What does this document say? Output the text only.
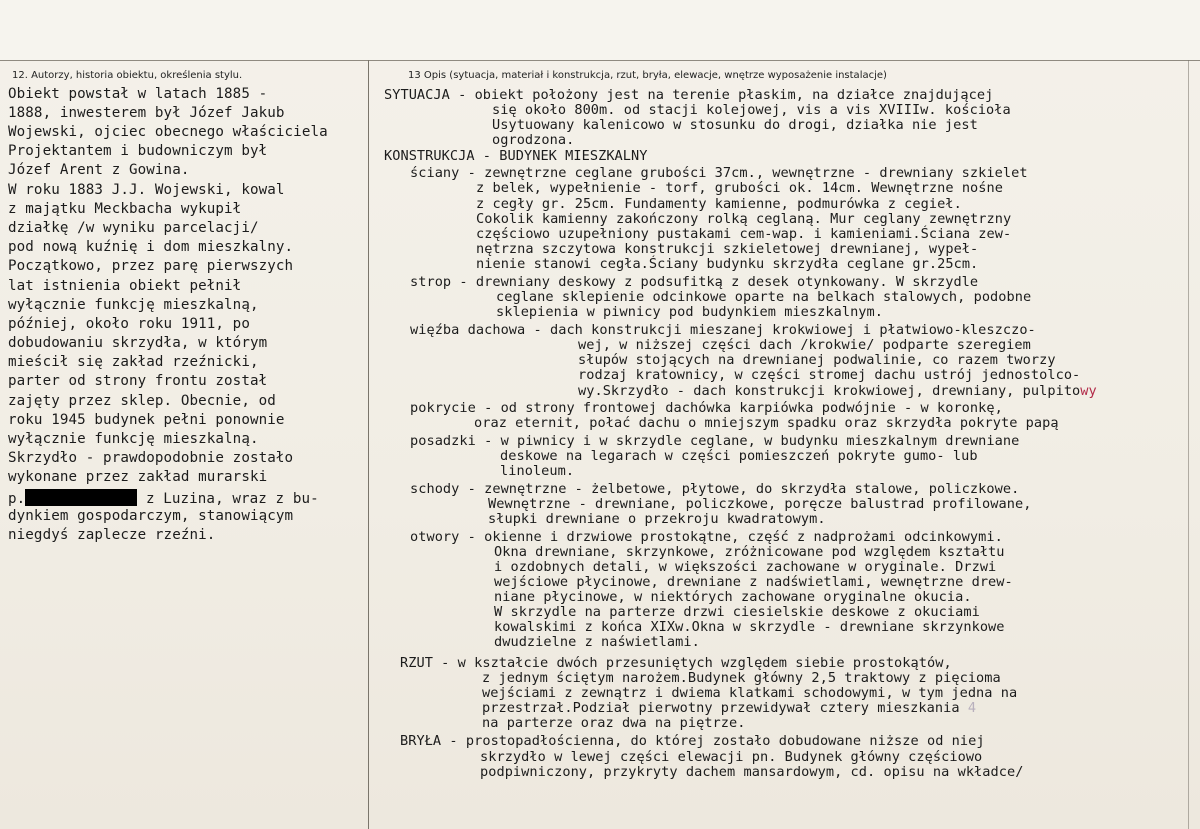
12. Autorzy, historia obiektu, określenia stylu.	13 Opis (sytuacja, materiał i konstrukcja, rzut, bryła, elewacje, wnętrze wyposażenie instalacje)
Obiekt powstał w latach 1885 -
1888, inwesterem był Józef Jakub
Wojewski, ojciec obecnego właściciela
Projektantem i budowniczym był
Józef Arent z Gowina.
W roku 1883 J.J. Wojewski, kowal
z majątku Meckbacha wykupił
działkę /w wyniku parcelacji/
pod nową kuźnię i dom mieszkalny.
Początkowo, przez parę pierwszych
lat istnienia obiekt pełnił
wyłącznie funkcję mieszkalną,
później, około roku 1911, po
dobudowaniu skrzydła, w którym
mieścił się zakład rzeźnicki,
parter od strony frontu został
zajęty przez sklep. Obecnie, od
roku 1945 budynek pełni ponownie
wyłącznie funkcję mieszkalną.
Skrzydło - prawdopodobnie zostało
wykonane przez zakład murarski
p.	z Luzina, wraz z bu-
dynkiem gospodarczym, stanowiącym
niegdyś zaplecze rzeźni.
SYTUACJA - obiekt położony jest na terenie płaskim, na działce znajdującej
się około 800m. od stacji kolejowej, vis a vis XVIIIw. kościoła
Usytuowany kalenicowo w stosunku do drogi, działka nie jest
ogrodzona.
KONSTRUKCJA - BUDYNEK MIESZKALNY
ściany - zewnętrzne ceglane grubości 37cm., wewnętrzne - drewniany szkielet
z belek, wypełnienie - torf, grubości ok. 14cm. Wewnętrzne nośne
z cegły gr. 25cm. Fundamenty kamienne, podmurówka z cegieł.
Cokolik kamienny zakończony rolką ceglaną. Mur ceglany zewnętrzny
częściowo uzupełniony pustakami cem-wap. i kamieniami.Ściana zew-
nętrzna szczytowa konstrukcji szkieletowej drewnianej, wypeł-
nienie stanowi cegła.Ściany budynku skrzydła ceglane gr.25cm.
strop - drewniany deskowy z podsufitką z desek otynkowany. W skrzydle
ceglane sklepienie odcinkowe oparte na belkach stalowych, podobne
sklepienia w piwnicy pod budynkiem mieszkalnym.
więźba dachowa - dach konstrukcji mieszanej krokwiowej i płatwiowo-kleszczo-
wej, w niższej części dach /krokwie/ podparte szeregiem
słupów stojących na drewnianej podwalinie, co razem tworzy
rodzaj kratownicy, w części stromej dachu ustrój jednostolco-
wy.Skrzydło - dach konstrukcji krokwiowej, drewniany, pulpitowy
pokrycie - od strony frontowej dachówka karpiówka podwójnie - w koronkę,
oraz eternit, połać dachu o mniejszym spadku oraz skrzydła pokryte papą
posadzki - w piwnicy i w skrzydle ceglane, w budynku mieszkalnym drewniane
deskowe na legarach w części pomieszczeń pokryte gumo- lub
linoleum.
schody - zewnętrzne - żelbetowe, płytowe, do skrzydła stalowe, policzkowe.
Wewnętrzne - drewniane, policzkowe, poręcze balustrad profilowane,
słupki drewniane o przekroju kwadratowym.
otwory - okienne i drzwiowe prostokątne, część z nadprożami odcinkowymi.
Okna drewniane, skrzynkowe, zróżnicowane pod względem kształtu
i ozdobnych detali, w większości zachowane w oryginale. Drzwi
wejściowe płycinowe, drewniane z nadświetlami, wewnętrzne drew-
niane płycinowe, w niektórych zachowane oryginalne okucia.
W skrzydle na parterze drzwi ciesielskie deskowe z okuciami
kowalskimi z końca XIXw.Okna w skrzydle - drewniane skrzynkowe
dwudzielne z naświetlami.
RZUT - w kształcie dwóch przesuniętych względem siebie prostokątów,
z jednym ściętym narożem.Budynek główny 2,5 traktowy z pięcioma
wejściami z zewnątrz i dwiema klatkami schodowymi, w tym jedna na
przestrzał.Podział pierwotny przewidywał cztery mieszkania 4
na parterze oraz dwa na piętrze.
BRYŁA - prostopadłościenna, do której zostało dobudowane niższe od niej
skrzydło w lewej części elewacji pn. Budynek główny częściowo
podpiwniczony, przykryty dachem mansardowym, cd. opisu na wkładce/
